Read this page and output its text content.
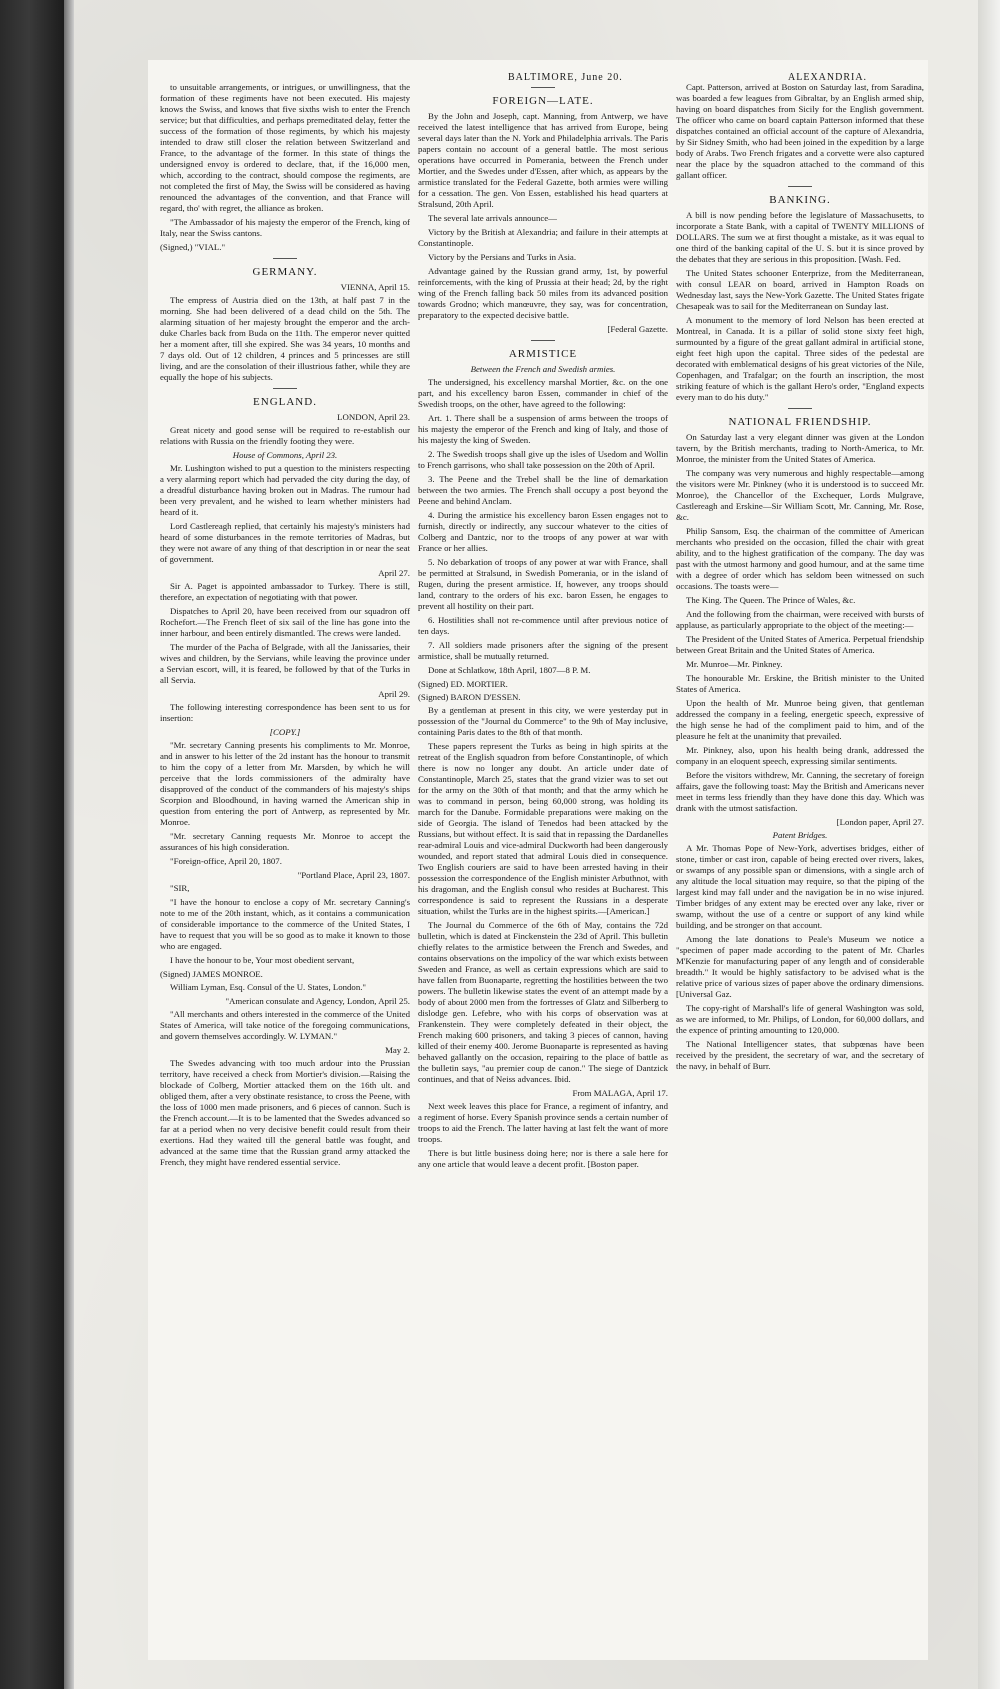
BALTIMORE, June 20.	ALEXANDRIA.

to unsuitable arrangements, or intrigues, or unwillingness, that the formation of these regiments have not been executed. His majesty knows the Swiss, and knows that five sixths wish to enter the French service; but that difficulties, and perhaps premeditated delay, fetter the success of the formation of those regiments, by which his majesty intended to draw still closer the relation between Switzerland and France, to the advantage of the former. In this state of things the undersigned envoy is ordered to declare, that, if the 16,000 men, which, according to the contract, should compose the regiments, are not completed the first of May, the Swiss will be considered as having renounced the advantages of the convention, and that France will regard, tho' with regret, the alliance as broken.

"The Ambassador of his majesty the emperor of the French, king of Italy, near the Swiss cantons.

(Signed,) "VIAL."

GERMANY.

VIENNA, April 15.

The empress of Austria died on the 13th, at half past 7 in the morning. She had been delivered of a dead child on the 5th. The alarming situation of her majesty brought the emperor and the arch-duke Charles back from Buda on the 11th. The emperor never quitted her a moment after, till she expired. She was 34 years, 10 months and 7 days old. Out of 12 children, 4 princes and 5 princesses are still living, and are the consolation of their illustrious father, while they are equally the hope of his subjects.

ENGLAND.

LONDON, April 23.

Great nicety and good sense will be required to re-establish our relations with Russia on the friendly footing they were.

House of Commons, April 23.

Mr. Lushington wished to put a question to the ministers respecting a very alarming report which had pervaded the city during the day, of a dreadful disturbance having broken out in Madras. The rumour had been very prevalent, and he wished to learn whether ministers had heard of it.

Lord Castlereagh replied, that certainly his majesty's ministers had heard of some disturbances in the remote territories of Madras, but they were not aware of any thing of that description in or near the seat of government.

April 27.

Sir A. Paget is appointed ambassador to Turkey. There is still, therefore, an expectation of negotiating with that power.

Dispatches to April 20, have been received from our squadron off Rochefort.—The French fleet of six sail of the line has gone into the inner harbour, and been entirely dismantled. The crews were landed.

The murder of the Pacha of Belgrade, with all the Janissaries, their wives and children, by the Servians, while leaving the province under a Servian escort, will, it is feared, be followed by that of the Turks in all Servia.

April 29.

The following interesting correspondence has been sent to us for insertion:

[COPY.]

"Mr. secretary Canning presents his compliments to Mr. Monroe, and in answer to his letter of the 2d instant has the honour to transmit to him the copy of a letter from Mr. Marsden, by which he will perceive that the lords commissioners of the admiralty have disapproved of the conduct of the commanders of his majesty's ships Scorpion and Bloodhound, in having warned the American ship in question from entering the port of Antwerp, as represented by Mr. Monroe.

"Mr. secretary Canning requests Mr. Monroe to accept the assurances of his high consideration.

"Foreign-office, April 20, 1807.

"Portland Place, April 23, 1807.

"SIR,

"I have the honour to enclose a copy of Mr. secretary Canning's note to me of the 20th instant, which, as it contains a communication of considerable importance to the commerce of the United States, I have to request that you will be so good as to make it known to those who are engaged.

I have the honour to be, Your most obedient servant,

(Signed) JAMES MONROE.

William Lyman, Esq. Consul of the U. States, London."

"American consulate and Agency, London, April 25.

"All merchants and others interested in the commerce of the United States of America, will take notice of the foregoing communications, and govern themselves accordingly. W. LYMAN."

May 2.

The Swedes advancing with too much ardour into the Prussian territory, have received a check from Mortier's division.—Raising the blockade of Colberg, Mortier attacked them on the 16th ult. and obliged them, after a very obstinate resistance, to cross the Peene, with the loss of 1000 men made prisoners, and 6 pieces of cannon. Such is the French account.—It is to be lamented that the Swedes advanced so far at a period when no very decisive benefit could result from their exertions. Had they waited till the general battle was fought, and advanced at the same time that the Russian grand army attacked the French, they might have rendered essential service.

FOREIGN—LATE.

By the John and Joseph, capt. Manning, from Antwerp, we have received the latest intelligence that has arrived from Europe, being several days later than the N. York and Philadelphia arrivals. The Paris papers contain no account of a general battle. The most serious operations have occurred in Pomerania, between the French under Mortier, and the Swedes under d'Essen, after which, as appears by the armistice translated for the Federal Gazette, both armies were willing for a cessation. The gen. Von Essen, established his head quarters at Stralsund, 20th April.

The several late arrivals announce—

Victory by the British at Alexandria; and failure in their attempts at Constantinople.

Victory by the Persians and Turks in Asia.

Advantage gained by the Russian grand army, 1st, by powerful reinforcements, with the king of Prussia at their head; 2d, by the right wing of the French falling back 50 miles from its advanced position towards Grodno; which manœuvre, they say, was for concentration, preparatory to the expected decisive battle.

[Federal Gazette.

ARMISTICE

Between the French and Swedish armies.

The undersigned, his excellency marshal Mortier, &c. on the one part, and his excellency baron Essen, commander in chief of the Swedish troops, on the other, have agreed to the following:

Art. 1. There shall be a suspension of arms between the troops of his majesty the emperor of the French and king of Italy, and those of his majesty the king of Sweden.

2. The Swedish troops shall give up the isles of Usedom and Wollin to French garrisons, who shall take possession on the 20th of April.

3. The Peene and the Trebel shall be the line of demarkation between the two armies. The French shall occupy a post beyond the Peene and behind Anclam.

4. During the armistice his excellency baron Essen engages not to furnish, directly or indirectly, any succour whatever to the cities of Colberg and Dantzic, nor to the troops of any power at war with France or her allies.

5. No debarkation of troops of any power at war with France, shall be permitted at Stralsund, in Swedish Pomerania, or in the island of Rugen, during the present armistice. If, however, any troops should land, contrary to the orders of his exc. baron Essen, he engages to prevent all hostility on their part.

6. Hostilities shall not re-commence until after previous notice of ten days.

7. All soldiers made prisoners after the signing of the present armistice, shall be mutually returned.

Done at Schlatkow, 18th April, 1807—8 P. M.

(Signed) ED. MORTIER.

(Signed) BARON D'ESSEN.

By a gentleman at present in this city, we were yesterday put in possession of the "Journal du Commerce" to the 9th of May inclusive, containing Paris dates to the 8th of that month.

These papers represent the Turks as being in high spirits at the retreat of the English squadron from before Constantinople, of which there is now no longer any doubt. An article under date of Constantinople, March 25, states that the grand vizier was to set out for the army on the 30th of that month; and that the army which he was to command in person, being 60,000 strong, was holding its march for the Danube. Formidable preparations were making on the side of Georgia. The island of Tenedos had been attacked by the Russians, but without effect. It is said that in repassing the Dardanelles rear-admiral Louis and vice-admiral Duckworth had been dangerously wounded, and report stated that admiral Louis died in consequence. Two English couriers are said to have been arrested having in their possession the correspondence of the English minister Arbuthnot, with his dragoman, and the English consul who resides at Bucharest. This correspondence is said to represent the Russians in a desperate situation, whilst the Turks are in the highest spirits.—[American.]

The Journal du Commerce of the 6th of May, contains the 72d bulletin, which is dated at Finckenstein the 23d of April. This bulletin chiefly relates to the armistice between the French and Swedes, and contains observations on the impolicy of the war which exists between Sweden and France, as well as certain expressions which are said to have fallen from Buonaparte, regretting the hostilities between the two powers. The bulletin likewise states the event of an attempt made by a body of about 2000 men from the fortresses of Glatz and Silberberg to dislodge gen. Lefebre, who with his corps of observation was at Frankenstein. They were completely defeated in their object, the French making 600 prisoners, and taking 3 pieces of cannon, having killed of their enemy 400. Jerome Buonaparte is represented as having behaved gallantly on the occasion, repairing to the place of battle as the bulletin says, "au premier coup de canon." The siege of Dantzick continues, and that of Neiss advances. Ibid.

From MALAGA, April 17.

Next week leaves this place for France, a regiment of infantry, and a regiment of horse. Every Spanish province sends a certain number of troops to aid the French. The latter having at last felt the want of more troops.

There is but little business doing here; nor is there a sale here for any one article that would leave a decent profit. [Boston paper.

Capt. Patterson, arrived at Boston on Saturday last, from Saradina, was boarded a few leagues from Gibraltar, by an English armed ship, having on board dispatches from Sicily for the English government. The officer who came on board captain Patterson informed that these dispatches contained an official account of the capture of Alexandria, by Sir Sidney Smith, who had been joined in the expedition by a large body of Arabs. Two French frigates and a corvette were also captured near the place by the squadron attached to the command of this gallant officer.

BANKING.

A bill is now pending before the legislature of Massachusetts, to incorporate a State Bank, with a capital of TWENTY MILLIONS of DOLLARS. The sum we at first thought a mistake, as it was equal to one third of the banking capital of the U. S. but it is since proved by the debates that they are serious in this proposition. [Wash. Fed.

The United States schooner Enterprize, from the Mediterranean, with consul LEAR on board, arrived in Hampton Roads on Wednesday last, says the New-York Gazette. The United States frigate Chesapeak was to sail for the Mediterranean on Sunday last.

A monument to the memory of lord Nelson has been erected at Montreal, in Canada. It is a pillar of solid stone sixty feet high, surmounted by a figure of the great gallant admiral in artificial stone, eight feet high upon the capital. Three sides of the pedestal are decorated with emblematical designs of his great victories of the Nile, Copenhagen, and Trafalgar; on the fourth an inscription, the most striking feature of which is the gallant Hero's order, "England expects every man to do his duty."

NATIONAL FRIENDSHIP.

On Saturday last a very elegant dinner was given at the London tavern, by the British merchants, trading to North-America, to Mr. Monroe, the minister from the United States of America.

The company was very numerous and highly respectable—among the visitors were Mr. Pinkney (who it is understood is to succeed Mr. Monroe), the Chancellor of the Exchequer, Lords Mulgrave, Castlereagh and Erskine—Sir William Scott, Mr. Canning, Mr. Rose, &c.

Philip Sansom, Esq. the chairman of the committee of American merchants who presided on the occasion, filled the chair with great ability, and to the highest gratification of the company. The day was past with the utmost harmony and good humour, and at the same time with a degree of order which has seldom been witnessed on such occasions. The toasts were—

The King. The Queen. The Prince of Wales, &c.

And the following from the chairman, were received with bursts of applause, as particularly appropriate to the object of the meeting:—

The President of the United States of America. Perpetual friendship between Great Britain and the United States of America.

Mr. Munroe—Mr. Pinkney.

The honourable Mr. Erskine, the British minister to the United States of America.

Upon the health of Mr. Munroe being given, that gentleman addressed the company in a feeling, energetic speech, expressive of the high sense he had of the compliment paid to him, and of the pleasure he felt at the unanimity that prevailed.

Mr. Pinkney, also, upon his health being drank, addressed the company in an eloquent speech, expressing similar sentiments.

Before the visitors withdrew, Mr. Canning, the secretary of foreign affairs, gave the following toast: May the British and Americans never meet in terms less friendly than they have done this day. Which was drank with the utmost satisfaction.

[London paper, April 27.

Patent Bridges.

A Mr. Thomas Pope of New-York, advertises bridges, either of stone, timber or cast iron, capable of being erected over rivers, lakes, or swamps of any possible span or dimensions, with a single arch of any altitude the local situation may require, so that the piping of the largest kind may fall under and the navigation be in no wise injured. Timber bridges of any extent may be erected over any lake, river or swamp, without the use of a centre or support of any kind while building, and be stronger on that account.

Among the late donations to Peale's Museum we notice a "specimen of paper made according to the patent of Mr. Charles M'Kenzie for manufacturing paper of any length and of considerable breadth." It would be highly satisfactory to be advised what is the relative price of various sizes of paper above the ordinary dimensions. [Universal Gaz.

The copy-right of Marshall's life of general Washington was sold, as we are informed, to Mr. Philips, of London, for 60,000 dollars, and the expence of printing amounting to 120,000.

The National Intelligencer states, that subpœnas have been received by the president, the secretary of war, and the secretary of the navy, in behalf of Burr.
